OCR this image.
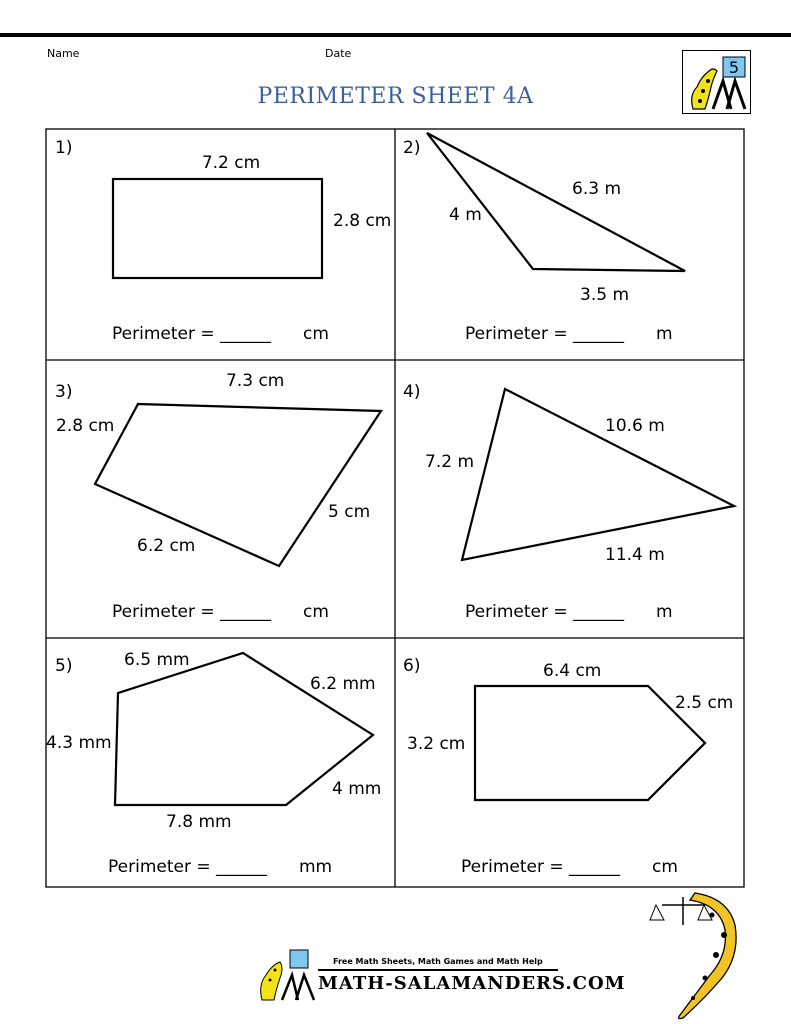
Name	Date
PERIMETER SHEET 4A
5
1)
7.2 cm
2.8 cm
Perimeter = ______ cm
2)
6.3 m
4 m
3.5 m
Perimeter = ______ m
3)
7.3 cm
2.8 cm
5 cm
6.2 cm
Perimeter = ______ cm
4)
10.6 m
7.2 m
11.4 m
Perimeter = ______ m
5)	6.5 mm
6.2 mm
4.3 mm
4 mm
7.8 mm
Perimeter = ______ mm
6)	6.4 cm
2.5 cm
3.2 cm
Perimeter = ______ cm
Free Math Sheets, Math Games and Math Help
MATH-SALAMANDERS.COM
